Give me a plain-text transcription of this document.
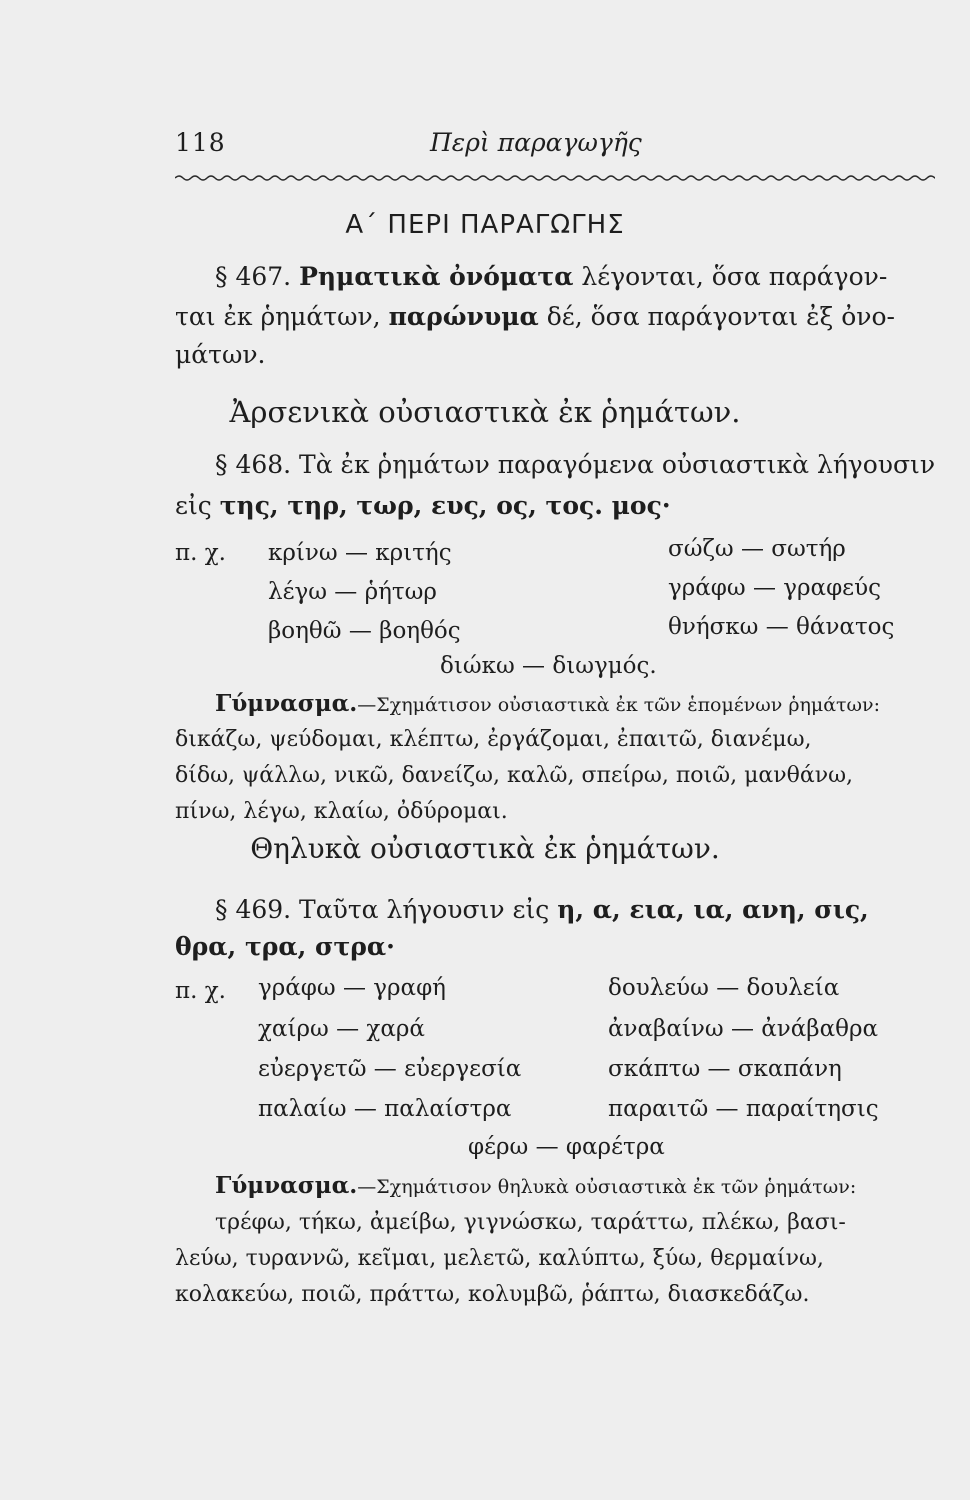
118	Περὶ παραγωγῆς
Α΄ ΠΕΡΙ ΠΑΡΑΓΩΓΗΣ
§ 467. Ρηματικὰ ὀνόματα λέγονται, ὅσα παράγον-
ται ἐκ ῥημάτων, παρώνυμα δέ, ὅσα παράγονται ἐξ ὀνο-
μάτων.
Ἀρσενικὰ οὐσιαστικὰ ἐκ ῥημάτων.
§ 468. Τὰ ἐκ ῥημάτων παραγόμενα οὐσιαστικὰ λήγουσιν
εἰς της, τηρ, τωρ, ευς, ος, τος. μος·
π. χ. κρίνω — κριτής
λέγω — ῥήτωρ
βοηθῶ — βοηθός
σώζω — σωτήρ
γράφω — γραφεύς
θνήσκω — θάνατος
διώκω — διωγμός.
Γύμνασμα.—Σχημάτισον οὐσιαστικὰ ἐκ τῶν ἑπομένων ῥημάτων:
δικάζω, ψεύδομαι, κλέπτω, ἐργάζομαι, ἐπαιτῶ, διανέμω,
δίδω, ψάλλω, νικῶ, δανείζω, καλῶ, σπείρω, ποιῶ, μανθάνω,
πίνω, λέγω, κλαίω, ὀδύρομαι.
Θηλυκὰ οὐσιαστικὰ ἐκ ῥημάτων.
§ 469. Ταῦτα λήγουσιν εἰς η, α, εια, ια, ανη, σις,
θρα, τρα, στρα·
π. χ. γράφω — γραφή
χαίρω — χαρά
εὐεργετῶ — εὐεργεσία
παλαίω — παλαίστρα
δουλεύω — δουλεία
ἀναβαίνω — ἀνάβαθρα
σκάπτω — σκαπάνη
παραιτῶ — παραίτησις
φέρω — φαρέτρα
Γύμνασμα.—Σχημάτισον θηλυκὰ οὐσιαστικὰ ἐκ τῶν ῥημάτων:
τρέφω, τήκω, ἀμείβω, γιγνώσκω, ταράττω, πλέκω, βασι-
λεύω, τυραννῶ, κεῖμαι, μελετῶ, καλύπτω, ξύω, θερμαίνω,
κολακεύω, ποιῶ, πράττω, κολυμβῶ, ῥάπτω, διασκεδάζω.
